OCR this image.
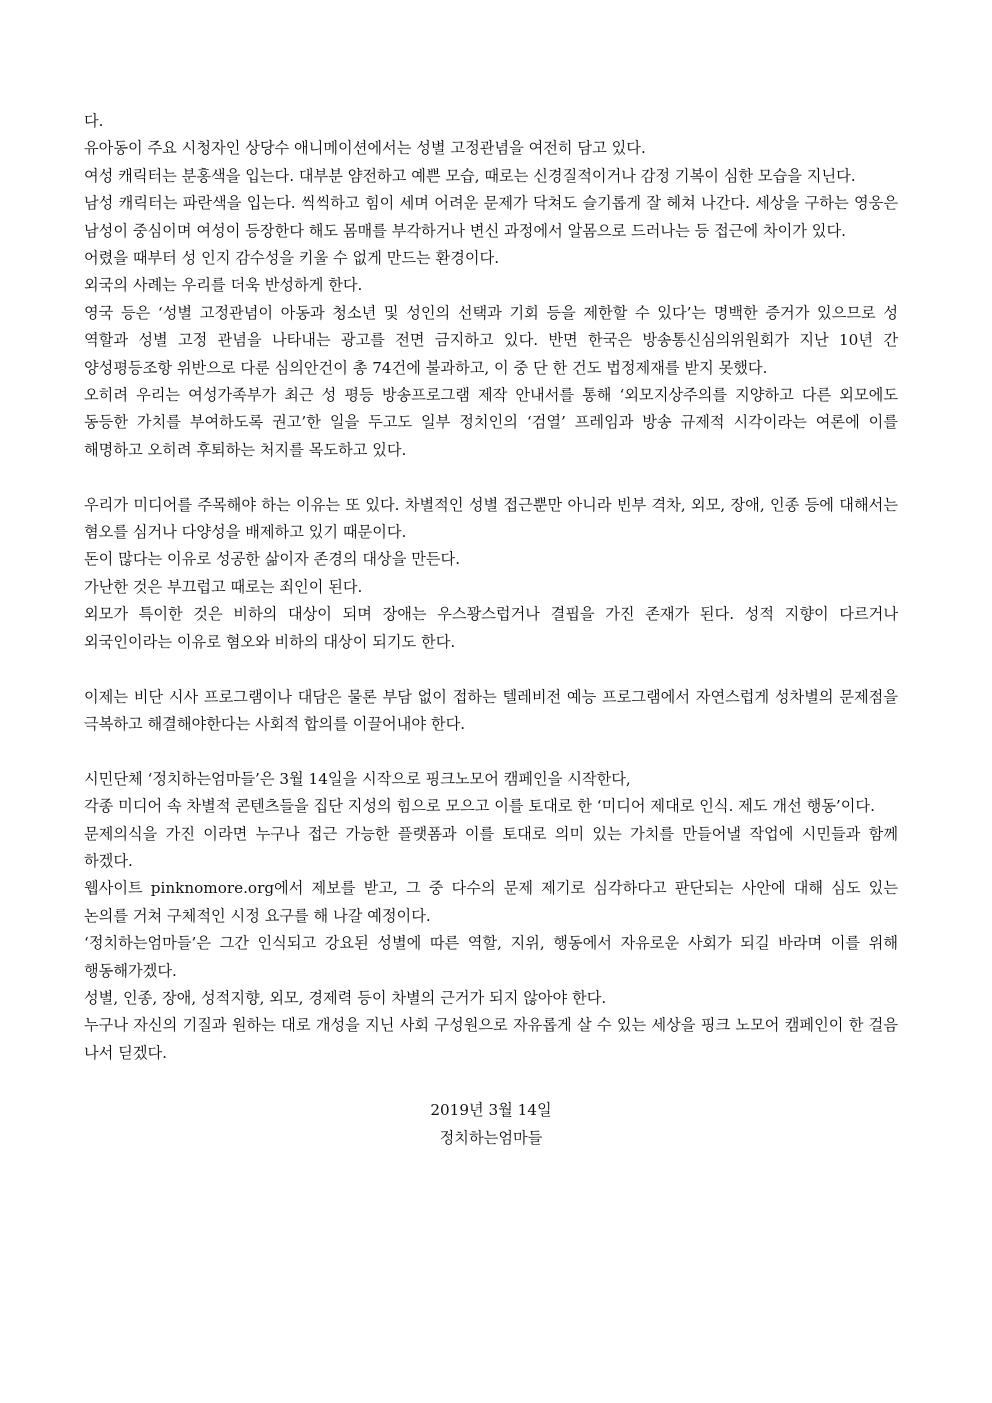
다.

유아동이 주요 시청자인 상당수 애니메이션에서는 성별 고정관념을 여전히 담고 있다.

여성 캐릭터는 분홍색을 입는다. 대부분 얌전하고 예쁜 모습, 때로는 신경질적이거나 감정 기복이 심한 모습을 지닌다.

남성 캐릭터는 파란색을 입는다. 씩씩하고 힘이 세며 어려운 문제가 닥쳐도 슬기롭게 잘 헤쳐 나간다. 세상을 구하는 영웅은 남성이 중심이며 여성이 등장한다 해도 몸매를 부각하거나 변신 과정에서 알몸으로 드러나는 등 접근에 차이가 있다.

어렸을 때부터 성 인지 감수성을 키울 수 없게 만드는 환경이다.

외국의 사례는 우리를 더욱 반성하게 한다.

영국 등은 ‘성별 고정관념이 아동과 청소년 및 성인의 선택과 기회 등을 제한할 수 있다’는 명백한 증거가 있으므로 성 역할과 성별 고정 관념을 나타내는 광고를 전면 금지하고 있다. 반면 한국은 방송통신심의위원회가 지난 10년 간 양성평등조항 위반으로 다룬 심의안건이 총 74건에 불과하고, 이 중 단 한 건도 법정제재를 받지 못했다.

오히려 우리는 여성가족부가 최근 성 평등 방송프로그램 제작 안내서를 통해 ‘외모지상주의를 지양하고 다른 외모에도 동등한 가치를 부여하도록 권고’한 일을 두고도 일부 정치인의 ‘검열’ 프레임과 방송 규제적 시각이라는 여론에 이를 해명하고 오히려 후퇴하는 처지를 목도하고 있다.

우리가 미디어를 주목해야 하는 이유는 또 있다. 차별적인 성별 접근뿐만 아니라 빈부 격차, 외모, 장애, 인종 등에 대해서는 혐오를 심거나 다양성을 배제하고 있기 때문이다.

돈이 많다는 이유로 성공한 삶이자 존경의 대상을 만든다.

가난한 것은 부끄럽고 때로는 죄인이 된다.

외모가 특이한 것은 비하의 대상이 되며 장애는 우스꽝스럽거나 결핍을 가진 존재가 된다. 성적 지향이 다르거나 외국인이라는 이유로 혐오와 비하의 대상이 되기도 한다.

이제는 비단 시사 프로그램이나 대담은 물론 부담 없이 접하는 텔레비전 예능 프로그램에서 자연스럽게 성차별의 문제점을 극복하고 해결해야한다는 사회적 합의를 이끌어내야 한다.

시민단체 ‘정치하는엄마들’은 3월 14일을 시작으로 핑크노모어 캠페인을 시작한다,

각종 미디어 속 차별적 콘텐츠들을 집단 지성의 힘으로 모으고 이를 토대로 한 ‘미디어 제대로 인식. 제도 개선 행동’이다.

문제의식을 가진 이라면 누구나 접근 가능한 플랫폼과 이를 토대로 의미 있는 가치를 만들어낼 작업에 시민들과 함께 하겠다.

웹사이트 pinknomore.org에서 제보를 받고, 그 중 다수의 문제 제기로 심각하다고 판단되는 사안에 대해 심도 있는 논의를 거쳐 구체적인 시정 요구를 해 나갈 예정이다.

‘정치하는엄마들’은 그간 인식되고 강요된 성별에 따른 역할, 지위, 행동에서 자유로운 사회가 되길 바라며 이를 위해 행동해가겠다.

성별, 인종, 장애, 성적지향, 외모, 경제력 등이 차별의 근거가 되지 않아야 한다.

누구나 자신의 기질과 원하는 대로 개성을 지닌 사회 구성원으로 자유롭게 살 수 있는 세상을 핑크 노모어 캠페인이 한 걸음 나서 딛겠다.

2019년 3월 14일
정치하는엄마들
